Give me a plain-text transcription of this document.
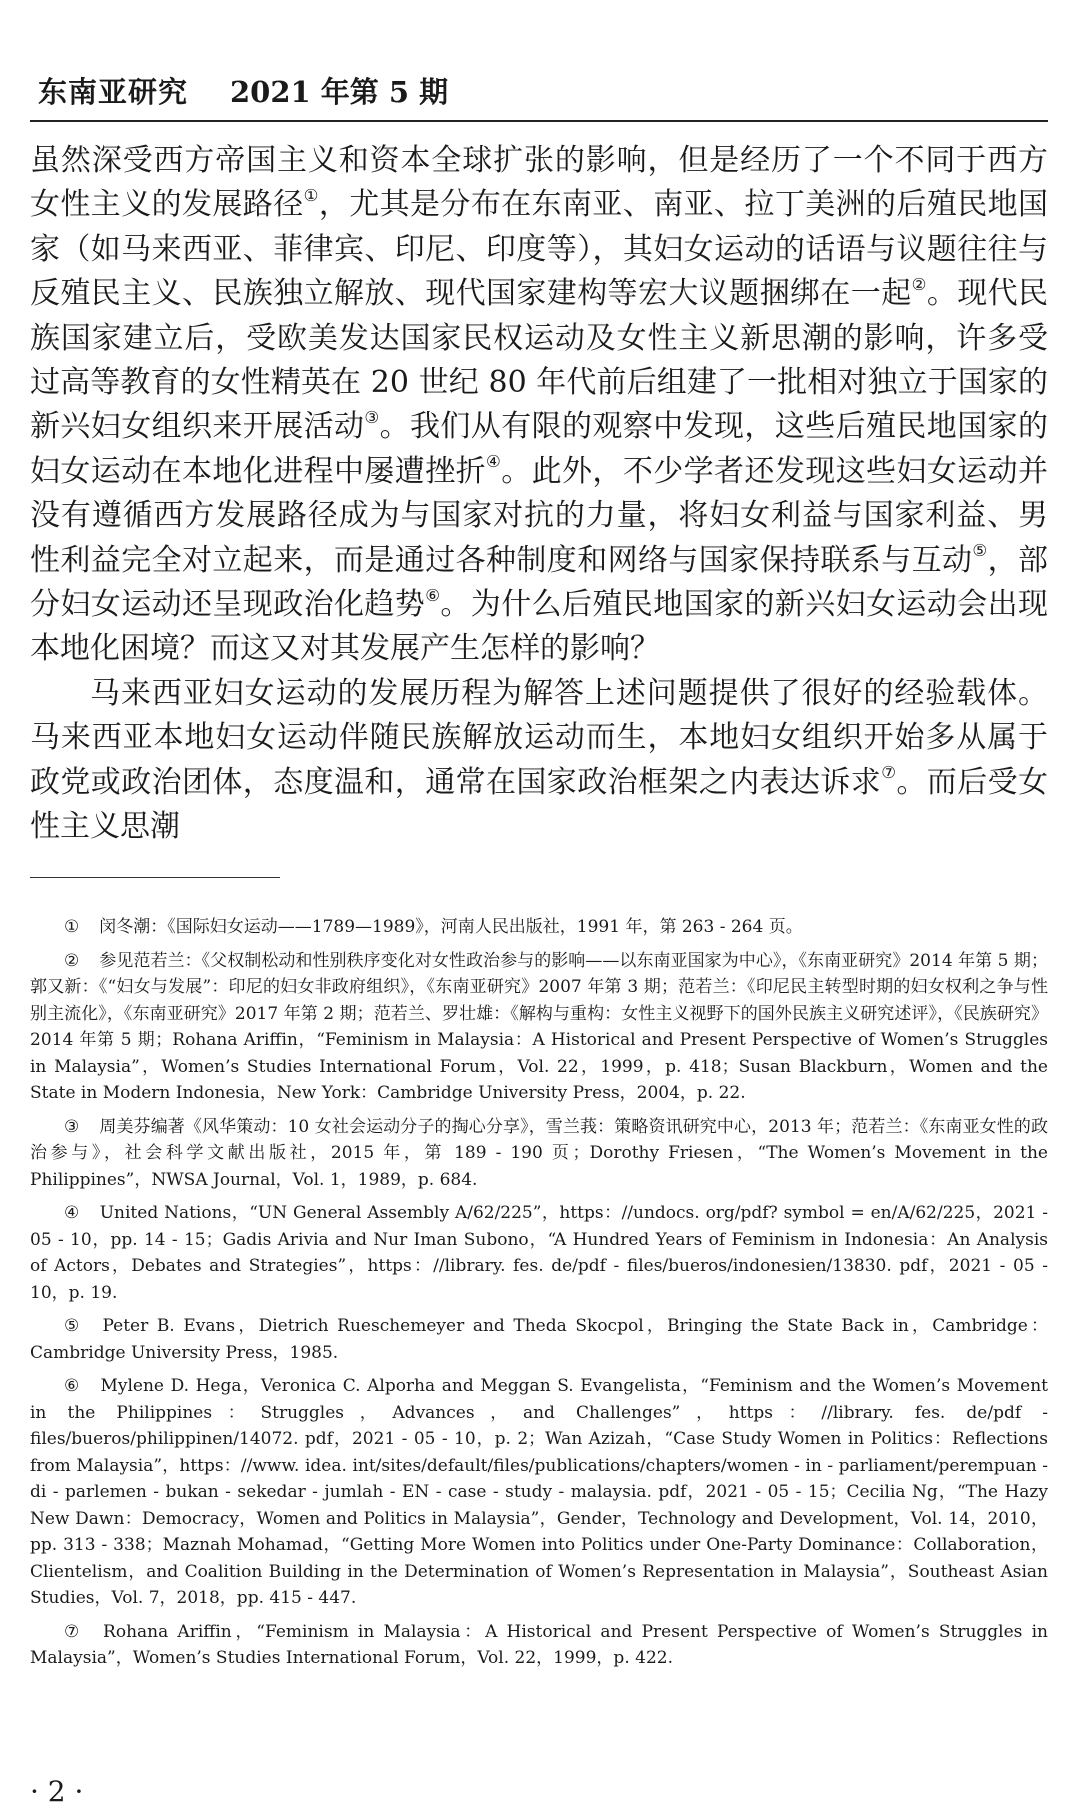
东南亚研究 2021 年第 5 期

虽然深受西方帝国主义和资本全球扩张的影响，但是经历了一个不同于西方女性主义的发展路径①，尤其是分布在东南亚、南亚、拉丁美洲的后殖民地国家（如马来西亚、菲律宾、印尼、印度等），其妇女运动的话语与议题往往与反殖民主义、民族独立解放、现代国家建构等宏大议题捆绑在一起②。现代民族国家建立后，受欧美发达国家民权运动及女性主义新思潮的影响，许多受过高等教育的女性精英在 20 世纪 80 年代前后组建了一批相对独立于国家的新兴妇女组织来开展活动③。我们从有限的观察中发现，这些后殖民地国家的妇女运动在本地化进程中屡遭挫折④。此外，不少学者还发现这些妇女运动并没有遵循西方发展路径成为与国家对抗的力量，将妇女利益与国家利益、男性利益完全对立起来，而是通过各种制度和网络与国家保持联系与互动⑤，部分妇女运动还呈现政治化趋势⑥。为什么后殖民地国家的新兴妇女运动会出现本地化困境？而这又对其发展产生怎样的影响？

马来西亚妇女运动的发展历程为解答上述问题提供了很好的经验载体。马来西亚本地妇女运动伴随民族解放运动而生，本地妇女组织开始多从属于政党或政治团体，态度温和，通常在国家政治框架之内表达诉求⑦。而后受女性主义思潮

① 闵冬潮：《国际妇女运动——1789—1989》，河南人民出版社，1991 年，第 263 - 264 页。

② 参见范若兰：《父权制松动和性别秩序变化对女性政治参与的影响——以东南亚国家为中心》，《东南亚研究》2014 年第 5 期；郭又新：《“妇女与发展”：印尼的妇女非政府组织》，《东南亚研究》2007 年第 3 期；范若兰：《印尼民主转型时期的妇女权利之争与性别主流化》，《东南亚研究》2017 年第 2 期；范若兰、罗壮雄：《解构与重构：女性主义视野下的国外民族主义研究述评》，《民族研究》2014 年第 5 期；Rohana Ariffin，“Feminism in Malaysia：A Historical and Present Perspective of Women’s Struggles in Malaysia”，Women’s Studies International Forum，Vol. 22，1999，p. 418；Susan Blackburn，Women and the State in Modern Indonesia，New York：Cambridge University Press，2004，p. 22.

③ 周美芬编著《风华策动：10 女社会运动分子的掏心分享》，雪兰莪：策略资讯研究中心，2013 年；范若兰：《东南亚女性的政治参与》，社会科学文献出版社，2015 年，第 189 - 190 页；Dorothy Friesen，“The Women’s Movement in the Philippines”，NWSA Journal，Vol. 1，1989，p. 684.

④ United Nations，“UN General Assembly A/62/225”，https：//undocs. org/pdf? symbol = en/A/62/225，2021 - 05 - 10，pp. 14 - 15；Gadis Arivia and Nur Iman Subono，“A Hundred Years of Feminism in Indonesia：An Analysis of Actors，Debates and Strategies”，https：//library. fes. de/pdf - files/bueros/indonesien/13830. pdf，2021 - 05 - 10，p. 19.

⑤ Peter B. Evans，Dietrich Rueschemeyer and Theda Skocpol，Bringing the State Back in，Cambridge：Cambridge University Press，1985.

⑥ Mylene D. Hega，Veronica C. Alporha and Meggan S. Evangelista，“Feminism and the Women’s Movement in the Philippines：Struggles，Advances，and Challenges”，https：//library. fes. de/pdf - files/bueros/philippinen/14072. pdf，2021 - 05 - 10，p. 2；Wan Azizah，“Case Study Women in Politics：Reflections from Malaysia”，https：//www. idea. int/sites/default/files/publications/chapters/women - in - parliament/perempuan - di - parlemen - bukan - sekedar - jumlah - EN - case - study - malaysia. pdf，2021 - 05 - 15；Cecilia Ng，“The Hazy New Dawn：Democracy，Women and Politics in Malaysia”，Gender，Technology and Development，Vol. 14，2010，pp. 313 - 338；Maznah Mohamad，“Getting More Women into Politics under One-Party Dominance：Collaboration，Clientelism，and Coalition Building in the Determination of Women’s Representation in Malaysia”，Southeast Asian Studies，Vol. 7，2018，pp. 415 - 447.

⑦ Rohana Ariffin，“Feminism in Malaysia：A Historical and Present Perspective of Women’s Struggles in Malaysia”，Women’s Studies International Forum，Vol. 22，1999，p. 422.

· 2 ·
